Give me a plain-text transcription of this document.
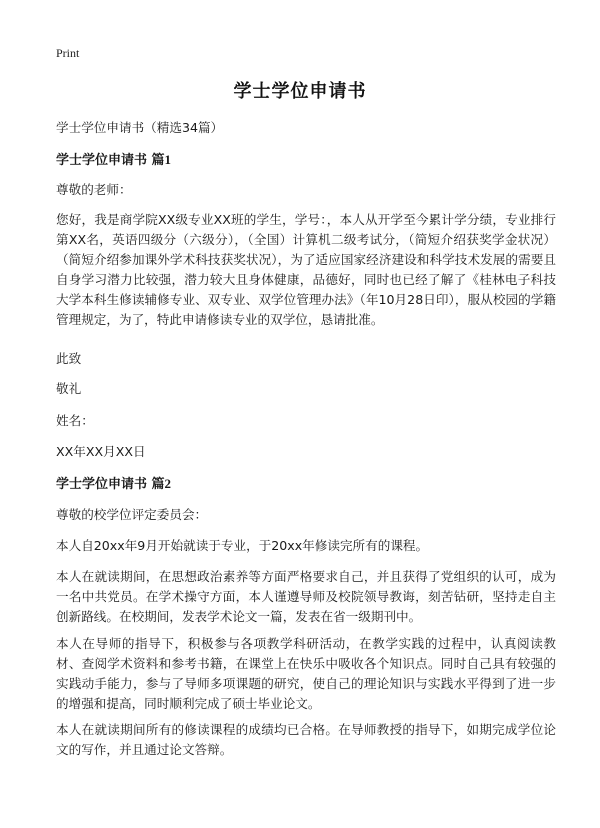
Print
学士学位申请书

学士学位申请书（精选34篇）

学士学位申请书 篇1

尊敬的老师：

您好，我是商学院XX级专业XX班的学生，学号：，本人从开学至今累计学分绩，专业排行第XX名，英语四级分（六级分），（全国）计算机二级考试分，（简短介绍获奖学金状况）（简短介绍参加课外学术科技获奖状况），为了适应国家经济建设和科学技术发展的需要且自身学习潜力比较强，潜力较大且身体健康，品德好，同时也已经了解了《桂林电子科技大学本科生修读辅修专业、双专业、双学位管理办法》（年10月28日印），服从校园的学籍管理规定，为了，特此申请修读专业的双学位，恳请批准。

此致

敬礼

姓名：

XX年XX月XX日

学士学位申请书 篇2

尊敬的校学位评定委员会：

本人自20xx年9月开始就读于专业，于20xx年修读完所有的课程。

本人在就读期间，在思想政治素养等方面严格要求自己，并且获得了党组织的认可，成为一名中共党员。在学术操守方面，本人谨遵导师及校院领导教诲，刻苦钻研，坚持走自主创新路线。在校期间，发表学术论文一篇，发表在省一级期刊中。

本人在导师的指导下，积极参与各项教学科研活动，在教学实践的过程中，认真阅读教材、查阅学术资料和参考书籍，在课堂上在快乐中吸收各个知识点。同时自己具有较强的实践动手能力，参与了导师多项课题的研究，使自己的理论知识与实践水平得到了进一步的增强和提高，同时顺利完成了硕士毕业论文。

本人在就读期间所有的修读课程的成绩均已合格。在导师教授的指导下，如期完成学位论文的写作，并且通过论文答辩。
